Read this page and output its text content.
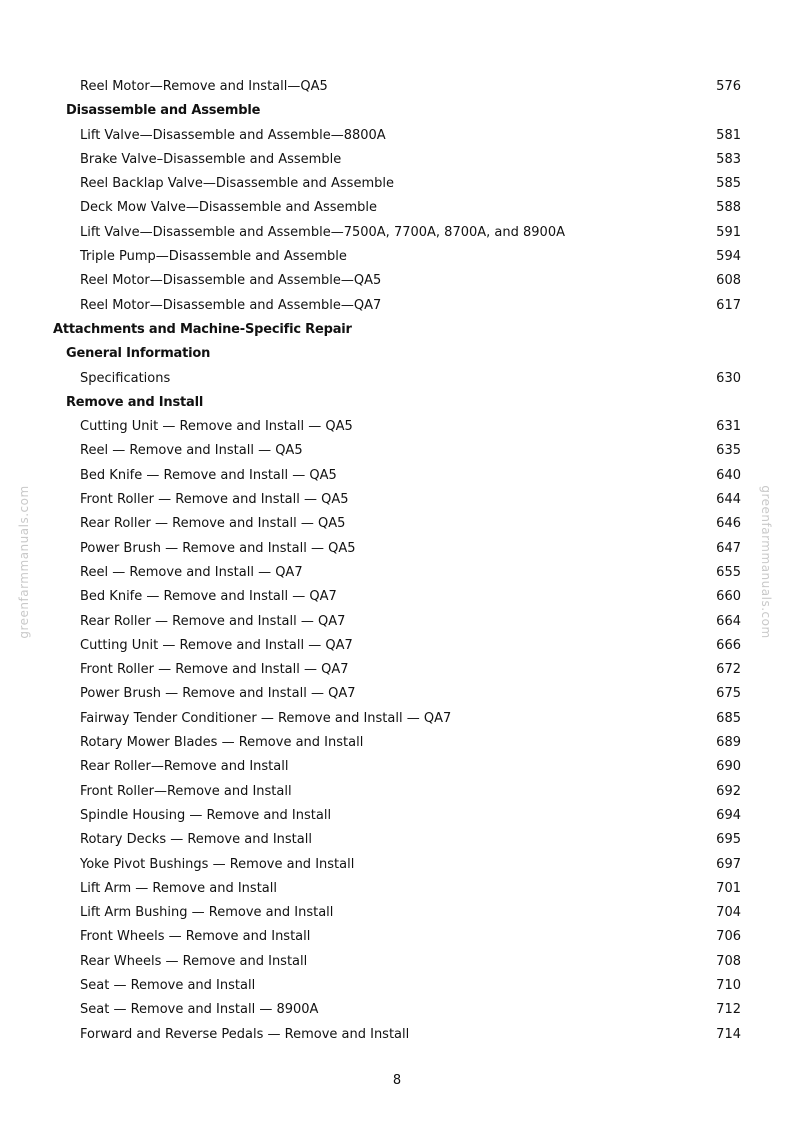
Reel Motor—Remove and Install—QA5	576
Disassemble and Assemble
Lift Valve—Disassemble and Assemble—8800A	581
Brake Valve–Disassemble and Assemble	583
Reel Backlap Valve—Disassemble and Assemble	585
Deck Mow Valve—Disassemble and Assemble	588
Lift Valve—Disassemble and Assemble—7500A, 7700A, 8700A, and 8900A	591
Triple Pump—Disassemble and Assemble	594
Reel Motor—Disassemble and Assemble—QA5	608
Reel Motor—Disassemble and Assemble—QA7	617
Attachments and Machine-Specific Repair
General Information
Specifications	630
Remove and Install
Cutting Unit — Remove and Install — QA5	631
Reel — Remove and Install — QA5	635
Bed Knife — Remove and Install — QA5	640
Front Roller — Remove and Install — QA5	644
Rear Roller — Remove and Install — QA5	646
Power Brush — Remove and Install — QA5	647
Reel — Remove and Install — QA7	655
Bed Knife — Remove and Install — QA7	660
Rear Roller — Remove and Install — QA7	664
Cutting Unit — Remove and Install — QA7	666
Front Roller — Remove and Install — QA7	672
Power Brush — Remove and Install — QA7	675
Fairway Tender Conditioner — Remove and Install — QA7	685
Rotary Mower Blades — Remove and Install	689
Rear Roller—Remove and Install	690
Front Roller—Remove and Install	692
Spindle Housing — Remove and Install	694
Rotary Decks — Remove and Install	695
Yoke Pivot Bushings — Remove and Install	697
Lift Arm — Remove and Install	701
Lift Arm Bushing — Remove and Install	704
Front Wheels — Remove and Install	706
Rear Wheels — Remove and Install	708
Seat — Remove and Install	710
Seat — Remove and Install — 8900A	712
Forward and Reverse Pedals — Remove and Install	714
8
greenfarmmanuals.com	greenfarmmanuals.com
